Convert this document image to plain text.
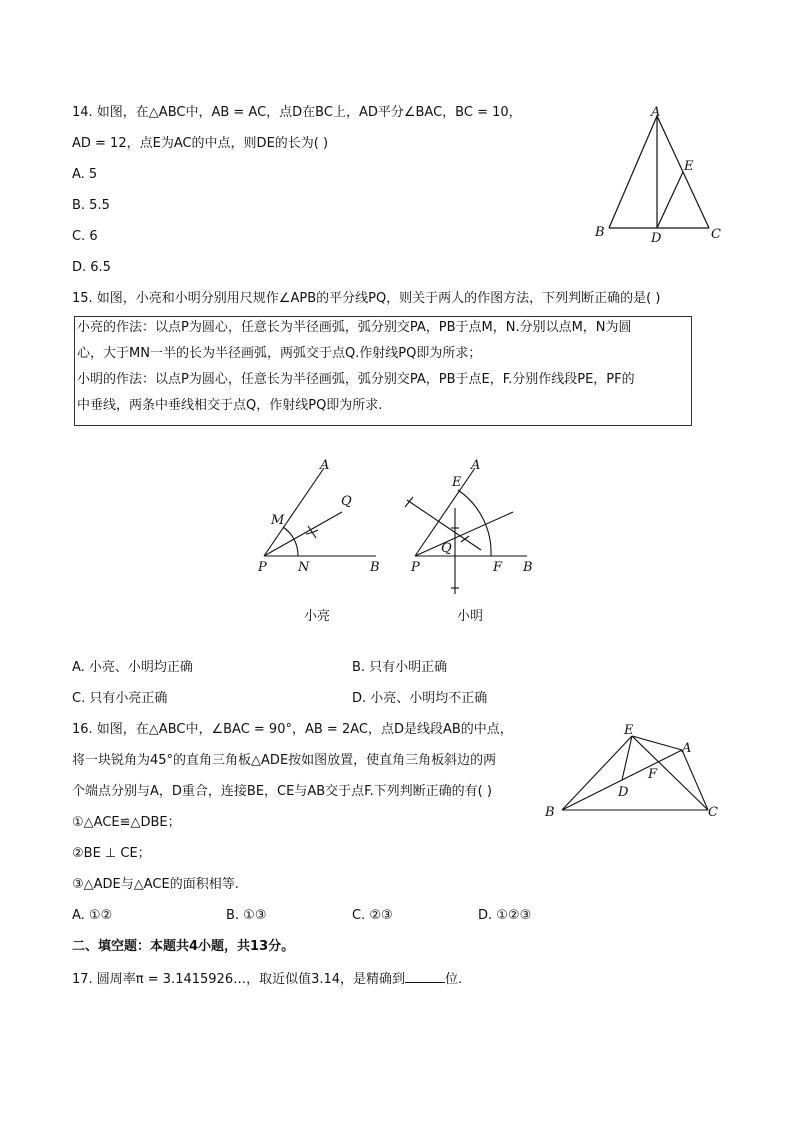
14. 如图，在△ABC中，AB = AC，点D在BC上，AD平分∠BAC，BC = 10，
AD = 12，点E为AC的中点，则DE的长为( )
A. 5
B. 5.5
C. 6
D. 6.5
A
B	C
D
E
15. 如图，小亮和小明分别用尺规作∠APB的平分线PQ，则关于两人的作图方法，下列判断正确的是( )
小亮的作法：以点P为圆心，任意长为半径画弧，弧分别交PA，PB于点M，N.分别以点M，N为圆
心，大于MN一半的长为半径画弧，两弧交于点Q.作射线PQ即为所求；
小明的作法：以点P为圆心，任意长为半径画弧，弧分别交PA，PB于点E，F.分别作线段PE，PF的
中垂线，两条中垂线相交于点Q，作射线PQ即为所求.
A
Q
M
P N	B
小亮
A
E
Q
P	F B
小明
A. 小亮、小明均正确	B. 只有小明正确
C. 只有小亮正确	D. 小亮、小明均不正确
16. 如图，在△ABC中，∠BAC = 90°，AB = 2AC，点D是线段AB的中点，
将一块锐角为45°的直角三角板△ADE按如图放置，使直角三角板斜边的两
个端点分别与A，D重合，连接BE，CE与AB交于点F.下列判断正确的有( )
①△ACE≌△DBE；
②BE ⊥ CE；
③△ADE与△ACE的面积相等.
A. ①②	B. ①③	C. ②③	D. ①②③
E
A
F
D
B	C
二、填空题：本题共4小题，共13分。
17. 圆周率π = 3.1415926…，取近似值3.14，是精确到	位.
